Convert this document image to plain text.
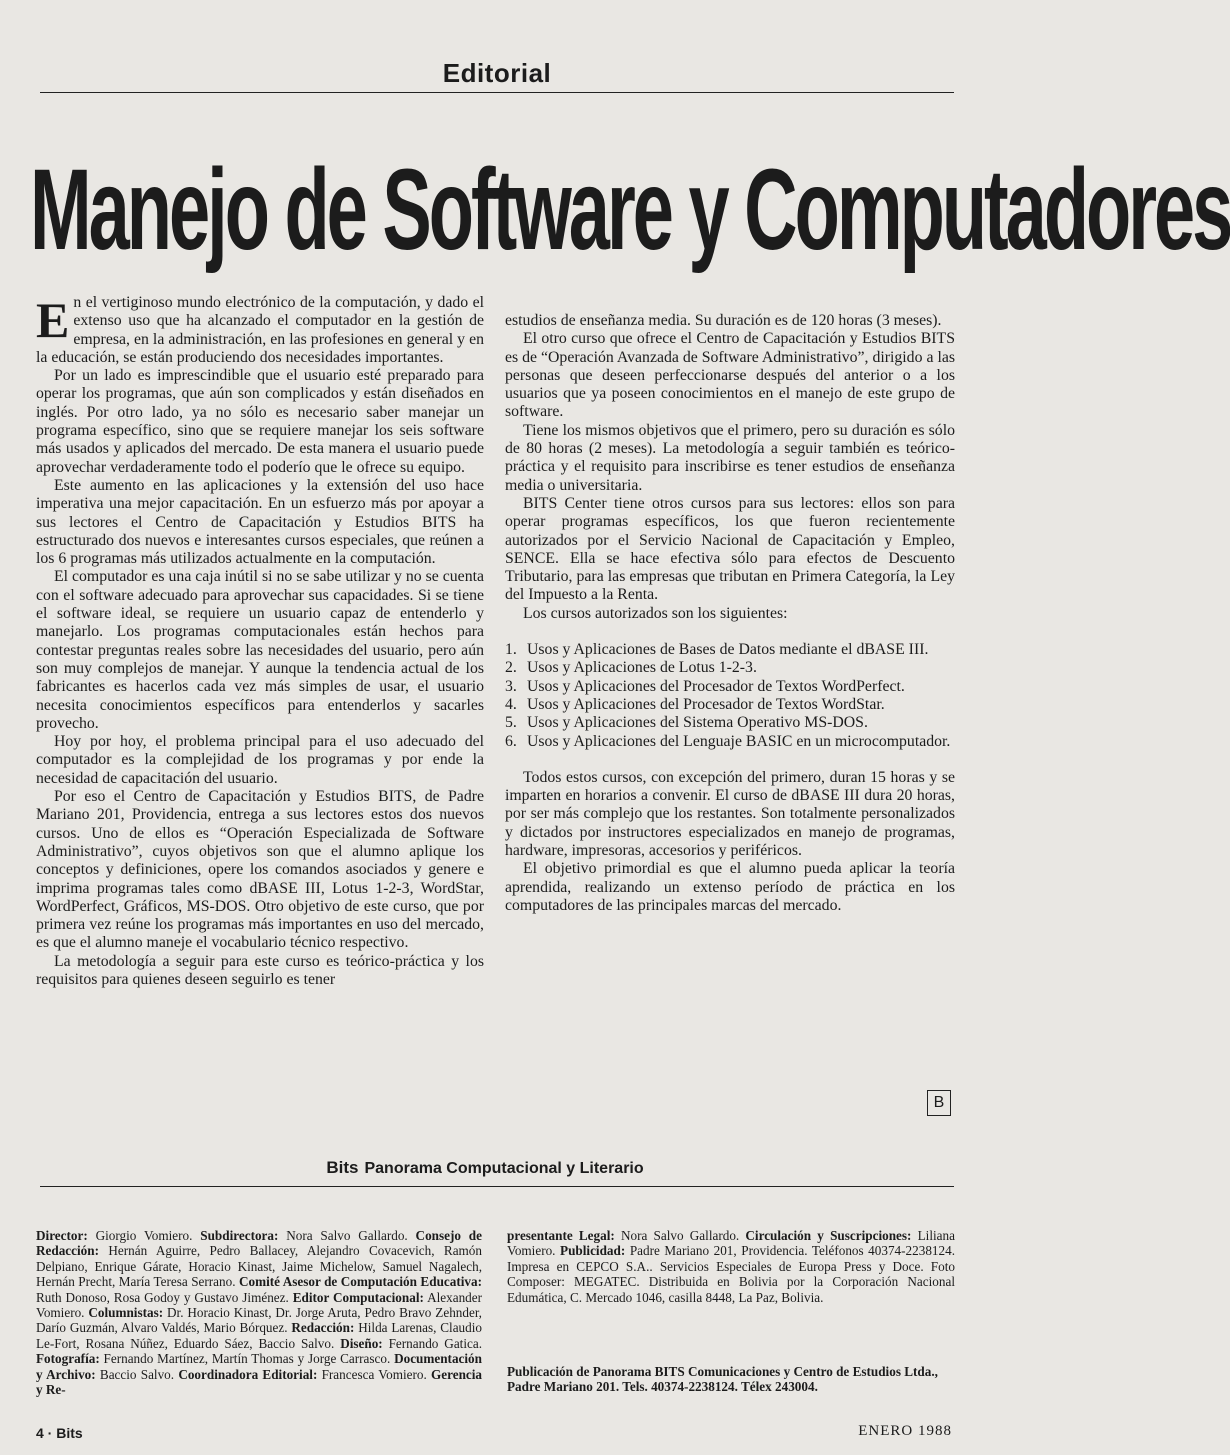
Editorial
Manejo de Software y Computadores

En el vertiginoso mundo electrónico de la computación, y dado el extenso uso que ha alcanzado el computador en la gestión de empresa, en la administración, en las profesiones en general y en la educación, se están produciendo dos necesidades importantes.

Por un lado es imprescindible que el usuario esté preparado para operar los programas, que aún son complicados y están diseñados en inglés. Por otro lado, ya no sólo es necesario saber manejar un programa específico, sino que se requiere manejar los seis software más usados y aplicados del mercado. De esta manera el usuario puede aprovechar verdaderamente todo el poderío que le ofrece su equipo.

Este aumento en las aplicaciones y la extensión del uso hace imperativa una mejor capacitación. En un esfuerzo más por apoyar a sus lectores el Centro de Capacitación y Estudios BITS ha estructurado dos nuevos e interesantes cursos especiales, que reúnen a los 6 programas más utilizados actualmente en la computación.

El computador es una caja inútil si no se sabe utilizar y no se cuenta con el software adecuado para aprovechar sus capacidades. Si se tiene el software ideal, se requiere un usuario capaz de entenderlo y manejarlo. Los programas computacionales están hechos para contestar preguntas reales sobre las necesidades del usuario, pero aún son muy complejos de manejar. Y aunque la tendencia actual de los fabricantes es hacerlos cada vez más simples de usar, el usuario necesita conocimientos específicos para entenderlos y sacarles provecho.

Hoy por hoy, el problema principal para el uso adecuado del computador es la complejidad de los programas y por ende la necesidad de capacitación del usuario.

Por eso el Centro de Capacitación y Estudios BITS, de Padre Mariano 201, Providencia, entrega a sus lectores estos dos nuevos cursos. Uno de ellos es “Operación Especializada de Software Administrativo”, cuyos objetivos son que el alumno aplique los conceptos y definiciones, opere los comandos asociados y genere e imprima programas tales como dBASE III, Lotus 1-2-3, WordStar, WordPerfect, Gráficos, MS-DOS. Otro objetivo de este curso, que por primera vez reúne los programas más importantes en uso del mercado, es que el alumno maneje el vocabulario técnico respectivo.

La metodología a seguir para este curso es teórico-práctica y los requisitos para quienes deseen seguirlo es tener

estudios de enseñanza media. Su duración es de 120 horas (3 meses).

El otro curso que ofrece el Centro de Capacitación y Estudios BITS es de “Operación Avanzada de Software Administrativo”, dirigido a las personas que deseen perfeccionarse después del anterior o a los usuarios que ya poseen conocimientos en el manejo de este grupo de software.

Tiene los mismos objetivos que el primero, pero su duración es sólo de 80 horas (2 meses). La metodología a seguir también es teórico-práctica y el requisito para inscribirse es tener estudios de enseñanza media o universitaria.

BITS Center tiene otros cursos para sus lectores: ellos son para operar programas específicos, los que fueron recientemente autorizados por el Servicio Nacional de Capacitación y Empleo, SENCE. Ella se hace efectiva sólo para efectos de Descuento Tributario, para las empresas que tributan en Primera Categoría, la Ley del Impuesto a la Renta.

Los cursos autorizados son los siguientes:

1. Usos y Aplicaciones de Bases de Datos mediante el dBASE III.
2. Usos y Aplicaciones de Lotus 1-2-3.
3. Usos y Aplicaciones del Procesador de Textos WordPerfect.
4. Usos y Aplicaciones del Procesador de Textos WordStar.
5. Usos y Aplicaciones del Sistema Operativo MS-DOS.
6. Usos y Aplicaciones del Lenguaje BASIC en un microcomputador.

Todos estos cursos, con excepción del primero, duran 15 horas y se imparten en horarios a convenir. El curso de dBASE III dura 20 horas, por ser más complejo que los restantes. Son totalmente personalizados y dictados por instructores especializados en manejo de programas, hardware, impresoras, accesorios y periféricos.

El objetivo primordial es que el alumno pueda aplicar la teoría aprendida, realizando un extenso período de práctica en los computadores de las principales marcas del mercado.

B
Bits Panorama Computacional y Literario
Director: Giorgio Vomiero. Subdirectora: Nora Salvo Gallardo. Consejo de Redacción: Hernán Aguirre, Pedro Ballacey, Alejandro Covacevich, Ramón Delpiano, Enrique Gárate, Horacio Kinast, Jaime Michelow, Samuel Nagalech, Hernán Precht, María Teresa Serrano. Comité Asesor de Computación Educativa: Ruth Donoso, Rosa Godoy y Gustavo Jiménez. Editor Computacional: Alexander Vomiero. Columnistas: Dr. Horacio Kinast, Dr. Jorge Aruta, Pedro Bravo Zehnder, Darío Guzmán, Alvaro Valdés, Mario Bórquez. Redacción: Hilda Larenas, Claudio Le-Fort, Rosana Núñez, Eduardo Sáez, Baccio Salvo. Diseño: Fernando Gatica. Fotografía: Fernando Martínez, Martín Thomas y Jorge Carrasco. Documentación y Archivo: Baccio Salvo. Coordinadora Editorial: Francesca Vomiero. Gerencia y Re-
presentante Legal: Nora Salvo Gallardo. Circulación y Suscripciones: Liliana Vomiero. Publicidad: Padre Mariano 201, Providencia. Teléfonos 40374-2238124. Impresa en CEPCO S.A.. Servicios Especiales de Europa Press y Doce. Foto Composer: MEGATEC. Distribuida en Bolivia por la Corporación Nacional Edumática, C. Mercado 1046, casilla 8448, La Paz, Bolivia.
Publicación de Panorama BITS Comunicaciones y Centro de Estudios Ltda., Padre Mariano 201. Tels. 40374-2238124. Télex 243004.
4 · Bits	ENERO 1988
